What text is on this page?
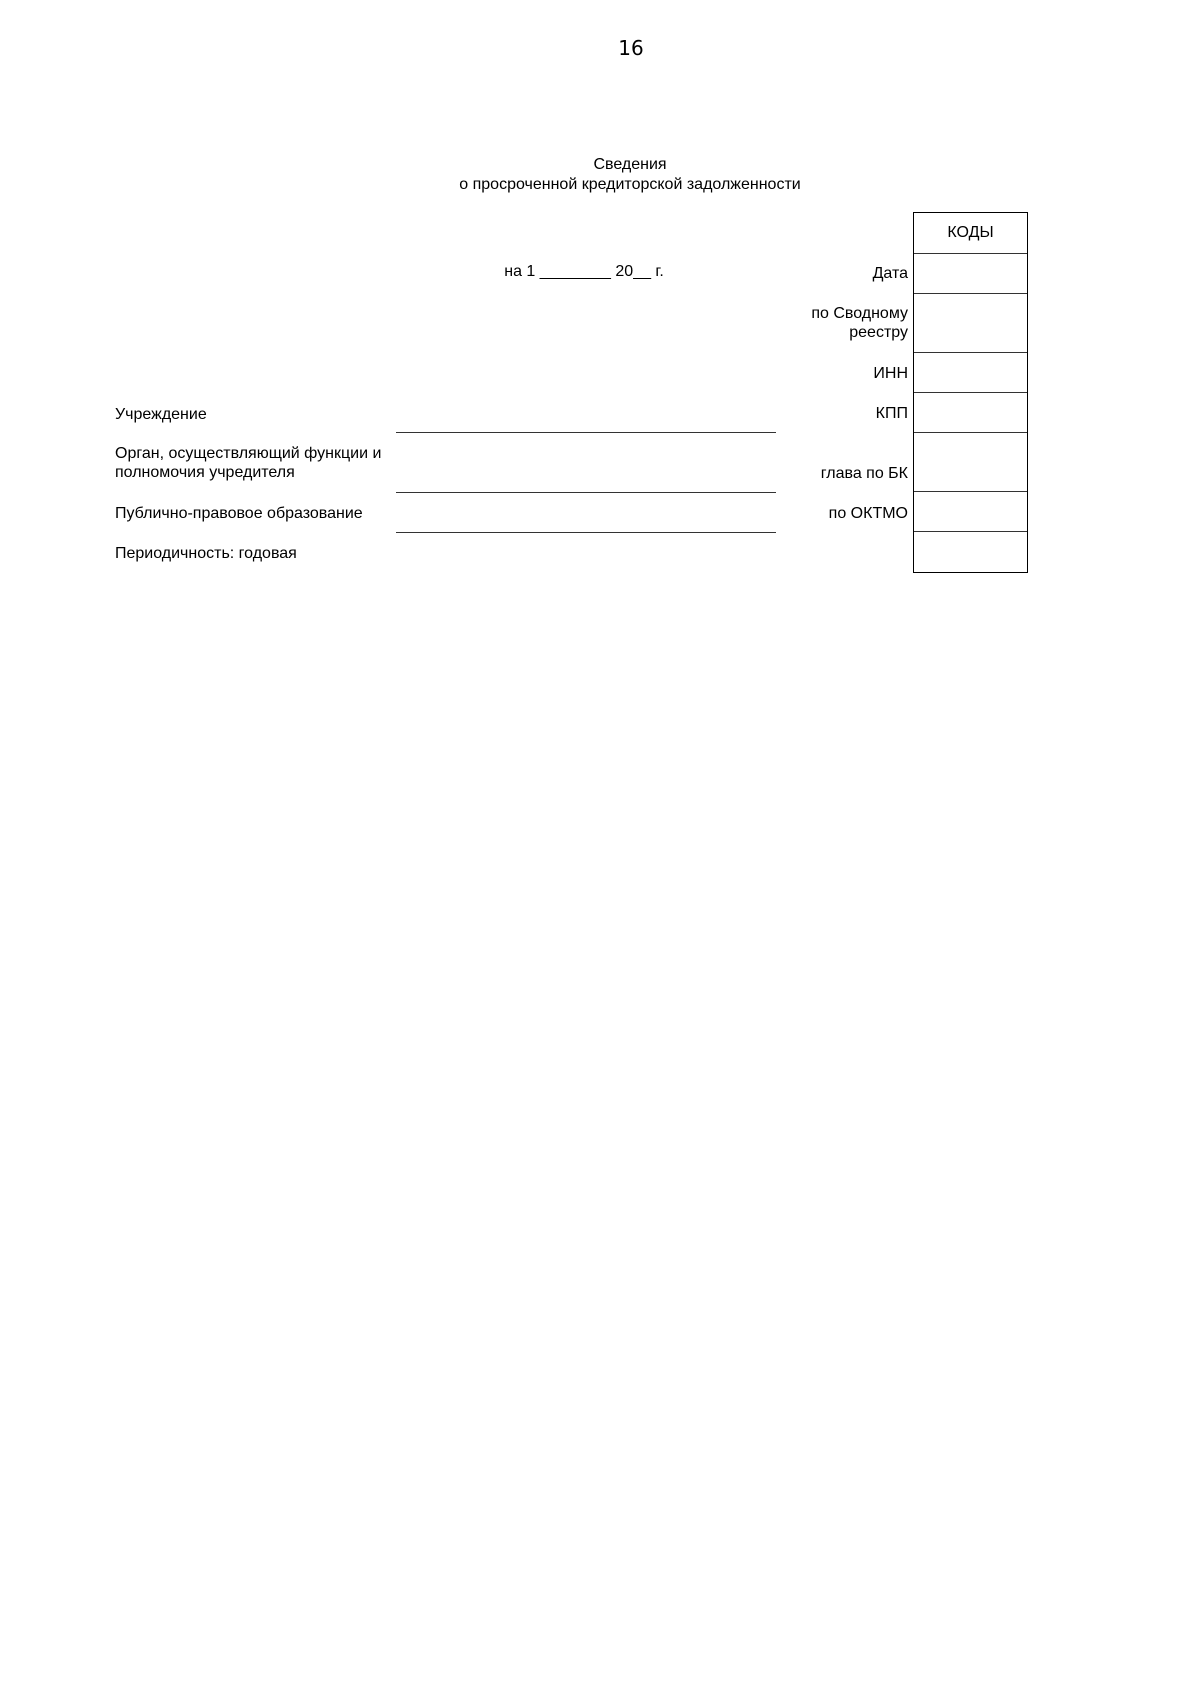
16
Сведения
о просроченной кредиторской задолженности
на 1 ________ 20__ г.
Учреждение
Орган, осуществляющий функции и
полномочия учредителя
Публично-правовое образование
Периодичность: годовая
Дата
по Сводному
реестру
ИНН
КПП
глава по БК
по ОКТМО
КОДЫ
